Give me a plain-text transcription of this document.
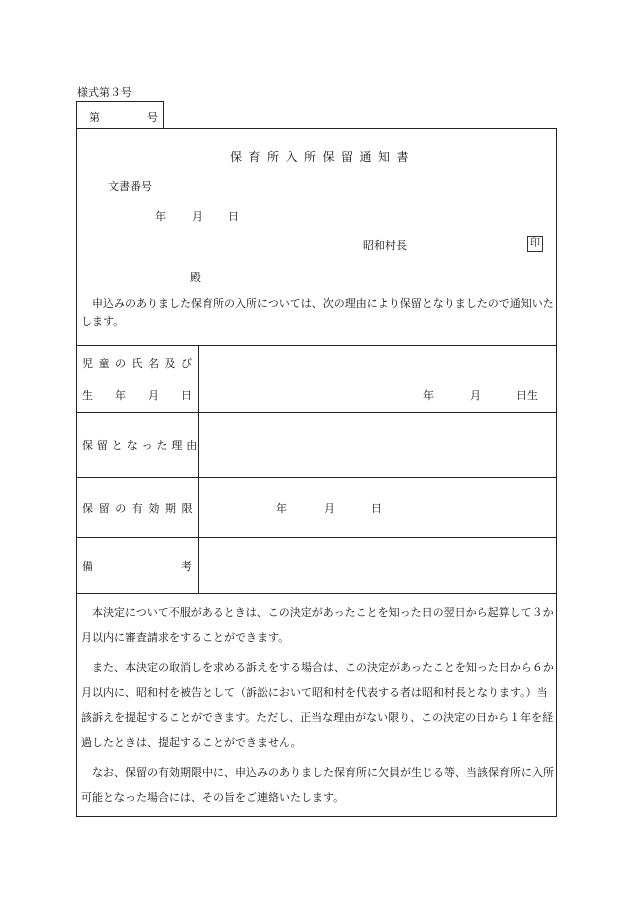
様式第３号
第	号
保育所入所保留通知書
文書番号
年 月 日
昭和村長	印
殿

申込みのありました保育所の入所については、次の理由により保留となりましたので通知いたします。

児 童 の 氏 名 及 び
生 年 月 日	年	月	日生
保留となった理由
保留の有効期限	年	月	日
備	考

本決定について不服があるときは、この決定があったことを知った日の翌日から起算して３か月以内に審査請求をすることができます。

また、本決定の取消しを求める訴えをする場合は、この決定があったことを知った日から６か月以内に、昭和村を被告として（訴訟において昭和村を代表する者は昭和村長となります。）当該訴えを提起することができます。ただし、正当な理由がない限り、この決定の日から１年を経過したときは、提起することができません。

なお、保留の有効期限中に、申込みのありました保育所に欠員が生じる等、当該保育所に入所可能となった場合には、その旨をご連絡いたします。
